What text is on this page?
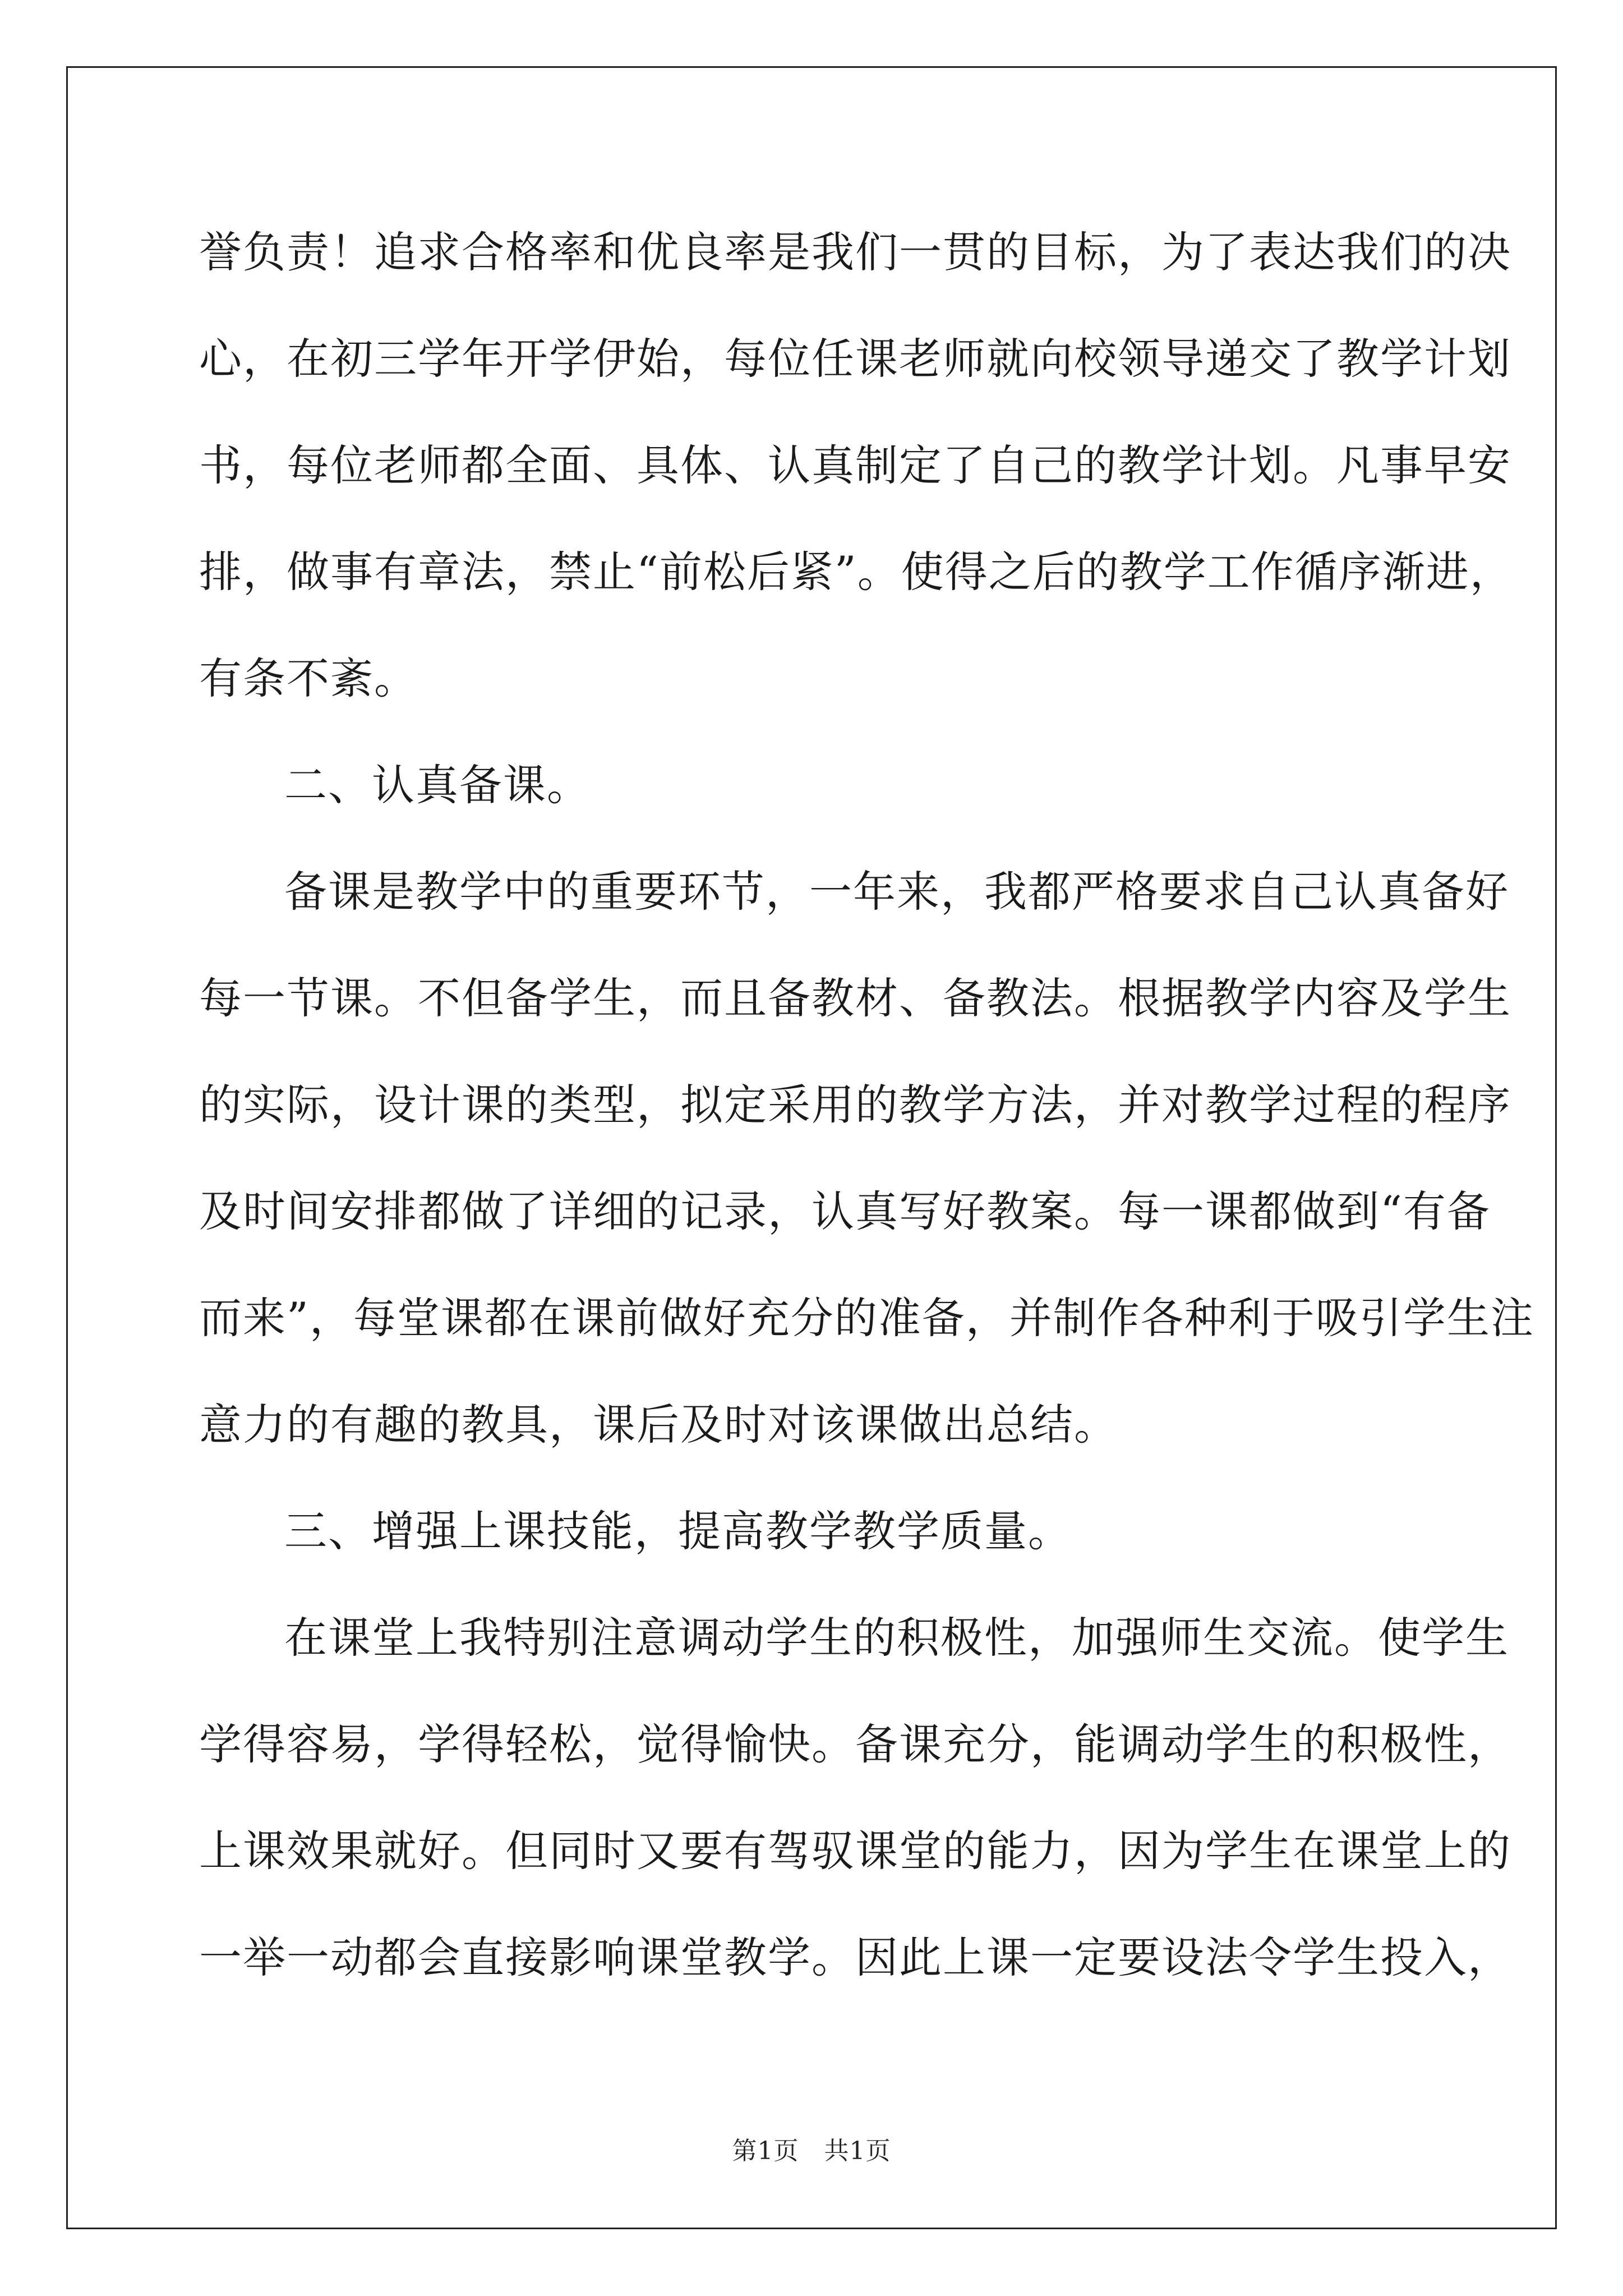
誉负责！追求合格率和优良率是我们一贯的目标，为了表达我们的决
心，在初三学年开学伊始，每位任课老师就向校领导递交了教学计划
书，每位老师都全面、具体、认真制定了自己的教学计划。凡事早安
排，做事有章法，禁止“前松后紧”。使得之后的教学工作循序渐进，
有条不紊。
二、认真备课。
备课是教学中的重要环节，一年来，我都严格要求自己认真备好
每一节课。不但备学生，而且备教材、备教法。根据教学内容及学生
的实际，设计课的类型，拟定采用的教学方法，并对教学过程的程序
及时间安排都做了详细的记录，认真写好教案。每一课都做到“有备
而来”，每堂课都在课前做好充分的准备，并制作各种利于吸引学生注
意力的有趣的教具，课后及时对该课做出总结。
三、增强上课技能，提高教学教学质量。
在课堂上我特别注意调动学生的积极性，加强师生交流。使学生
学得容易，学得轻松，觉得愉快。备课充分，能调动学生的积极性，
上课效果就好。但同时又要有驾驭课堂的能力，因为学生在课堂上的
一举一动都会直接影响课堂教学。因此上课一定要设法令学生投入，
第1页　共1页
